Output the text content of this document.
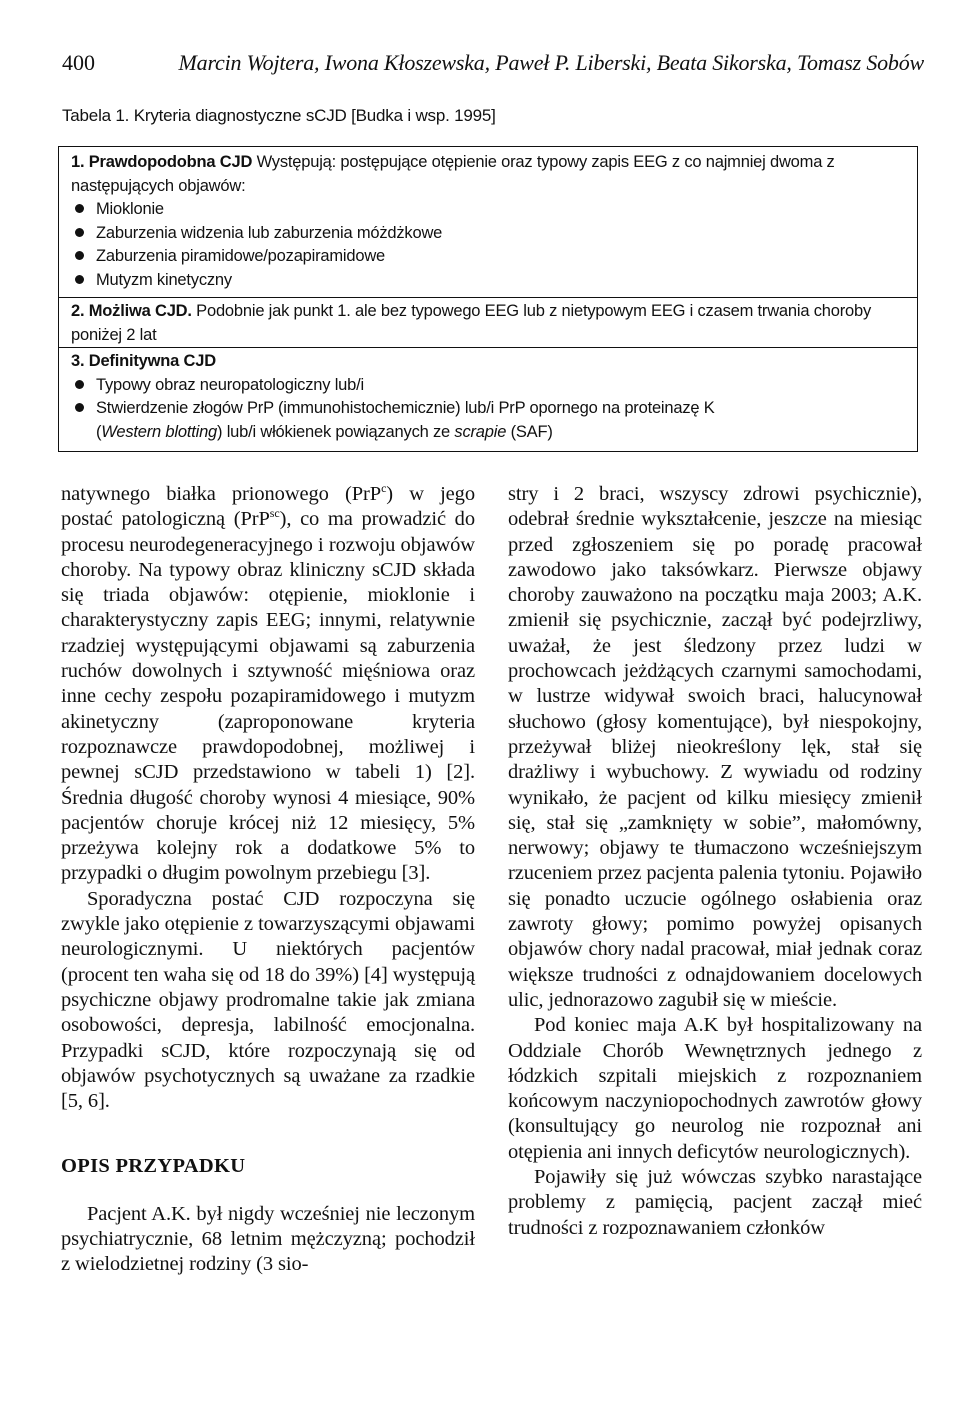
400	Marcin Wojtera, Iwona Kłoszewska, Paweł P. Liberski, Beata Sikorska, Tomasz Sobów
Tabela 1. Kryteria diagnostyczne sCJD [Budka i wsp. 1995]
1. Prawdopodobna CJD Występują: postępujące otępienie oraz typowy zapis EEG z co najmniej dwoma z następujących objawów:
Mioklonie
Zaburzenia widzenia lub zaburzenia móżdżkowe
Zaburzenia piramidowe/pozapiramidowe
Mutyzm kinetyczny
2. Możliwa CJD. Podobnie jak punkt 1. ale bez typowego EEG lub z nietypowym EEG i czasem trwania choroby poniżej 2 lat
3. Definitywna CJD
Typowy obraz neuropatologiczny lub/i
Stwierdzenie złogów PrP (immunohistochemicznie) lub/i PrP opornego na proteinazę K
(Western blotting) lub/i włókienek powiązanych ze scrapie (SAF)

natywnego białka prionowego (PrP$^c$) w jego postać patologiczną (PrP$^{sc}$), co ma prowadzić do procesu neurodegeneracyjnego i rozwoju objawów choroby. Na typowy obraz kliniczny sCJD składa się triada objawów: otępienie, mioklonie i charakterystyczny zapis EEG; innymi, relatywnie rzadziej występującymi objawami są zaburzenia ruchów dowolnych i sztywność mięśniowa oraz inne cechy zespołu pozapiramidowego i mutyzm akinetyczny (zaproponowane kryteria rozpoznawcze prawdopodobnej, możliwej i pewnej sCJD przedstawiono w tabeli 1) [2]. Średnia długość choroby wynosi 4 miesiące, 90% pacjentów choruje krócej niż 12 miesięcy, 5% przeżywa kolejny rok a dodatkowe 5% to przypadki o długim powolnym przebiegu [3].

Sporadyczna postać CJD rozpoczyna się zwykle jako otępienie z towarzyszącymi objawami neurologicznymi. U niektórych pacjentów (procent ten waha się od 18 do 39%) [4] występują psychiczne objawy prodromalne takie jak zmiana osobowości, depresja, labilność emocjonalna. Przypadki sCJD, które rozpoczynają się od objawów psychotycznych są uważane za rzadkie [5, 6].

OPIS PRZYPADKU

Pacjent A.K. był nigdy wcześniej nie leczonym psychiatrycznie, 68 letnim mężczyzną; pochodził z wielodzietnej rodziny (3 sio-

stry i 2 braci, wszyscy zdrowi psychicznie), odebrał średnie wykształcenie, jeszcze na miesiąc przed zgłoszeniem się po poradę pracował zawodowo jako taksówkarz. Pierwsze objawy choroby zauważono na początku maja 2003; A.K. zmienił się psychicznie, zaczął być podejrzliwy, uważał, że jest śledzony przez ludzi w prochowcach jeżdżących czarnymi samochodami, w lustrze widywał swoich braci, halucynował słuchowo (głosy komentujące), był niespokojny, przeżywał bliżej nieokreślony lęk, stał się drażliwy i wybuchowy. Z wywiadu od rodziny wynikało, że pacjent od kilku miesięcy zmienił się, stał się „zamknięty w sobie”, małomówny, nerwowy; objawy te tłumaczono wcześniejszym rzuceniem przez pacjenta palenia tytoniu. Pojawiło się ponadto uczucie ogólnego osłabienia oraz zawroty głowy; pomimo powyżej opisanych objawów chory nadal pracował, miał jednak coraz większe trudności z odnajdowaniem docelowych ulic, jednorazowo zagubił się w mieście.

Pod koniec maja A.K był hospitalizowany na Oddziale Chorób Wewnętrznych jednego z łódzkich szpitali miejskich z rozpoznaniem końcowym naczyniopochodnych zawrotów głowy (konsultujący go neurolog nie rozpoznał ani otępienia ani innych deficytów neurologicznych).

Pojawiły się już wówczas szybko narastające problemy z pamięcią, pacjent zaczął mieć trudności z rozpoznawaniem członków
